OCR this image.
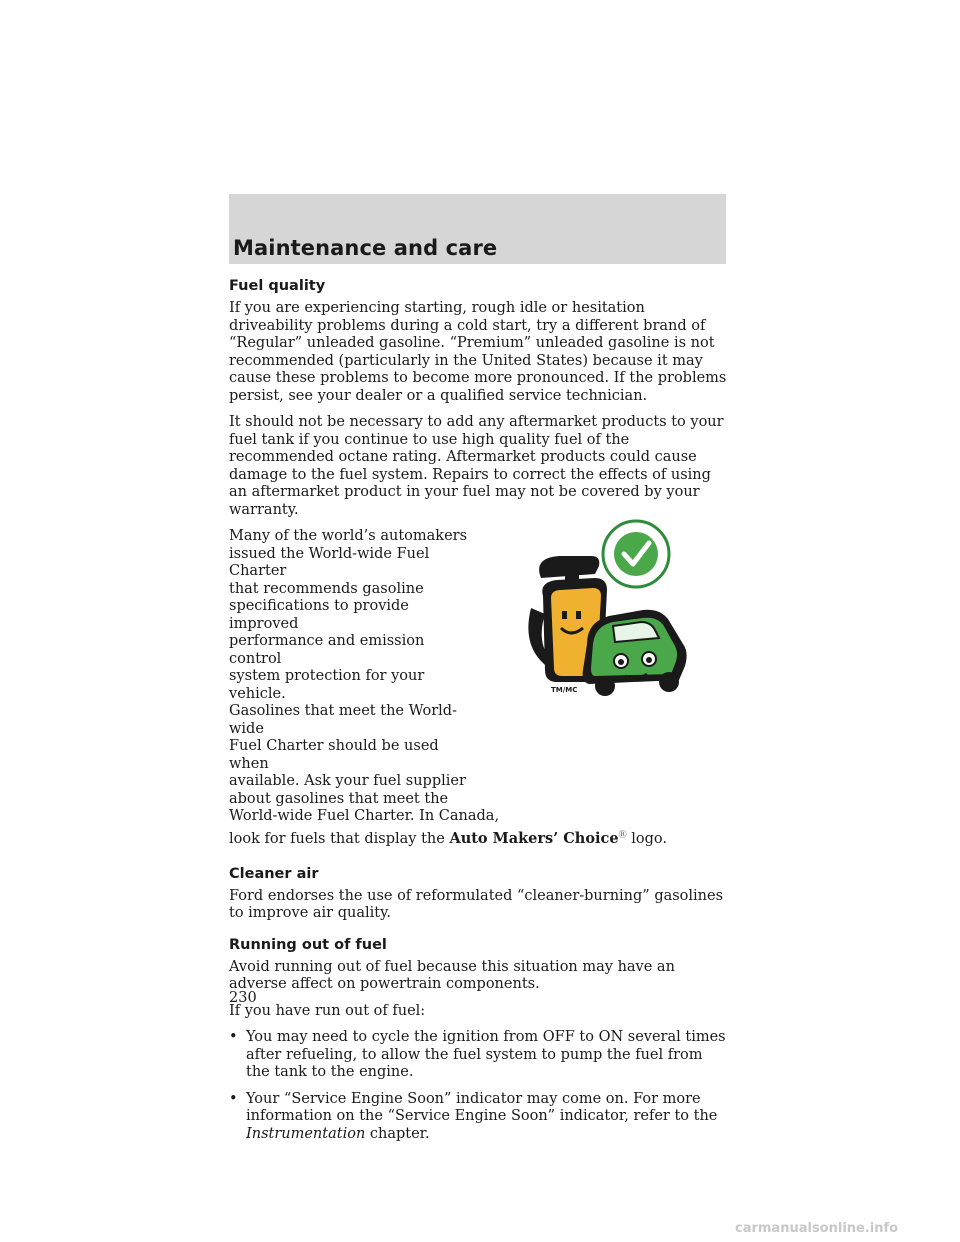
Maintenance and care
Fuel quality

If you are experiencing starting, rough idle or hesitation driveability problems during a cold start, try a different brand of “Regular” unleaded gasoline. “Premium” unleaded gasoline is not recommended (particularly in the United States) because it may cause these problems to become more pronounced. If the problems persist, see your dealer or a qualified service technician.

It should not be necessary to add any aftermarket products to your fuel tank if you continue to use high quality fuel of the recommended octane rating. Aftermarket products could cause damage to the fuel system. Repairs to correct the effects of using an aftermarket product in your fuel may not be covered by your warranty.

Many of the world’s automakers
issued the World-wide Fuel Charter
that recommends gasoline
specifications to provide improved
performance and emission control
system protection for your vehicle.
Gasolines that meet the World-wide
Fuel Charter should be used when
available. Ask your fuel supplier
about gasolines that meet the
World-wide Fuel Charter. In Canada,
look for fuels that display the Auto Makers’ ChoiceⓇ logo.

TM/MC
Cleaner air

Ford endorses the use of reformulated “cleaner-burning” gasolines to improve air quality.

Running out of fuel

Avoid running out of fuel because this situation may have an adverse affect on powertrain components.

If you have run out of fuel:

• You may need to cycle the ignition from OFF to ON several times after refueling, to allow the fuel system to pump the fuel from the tank to the engine.
• Your “Service Engine Soon” indicator may come on. For more information on the “Service Engine Soon” indicator, refer to the Instrumentation chapter.
230
carmanualsonline.info
